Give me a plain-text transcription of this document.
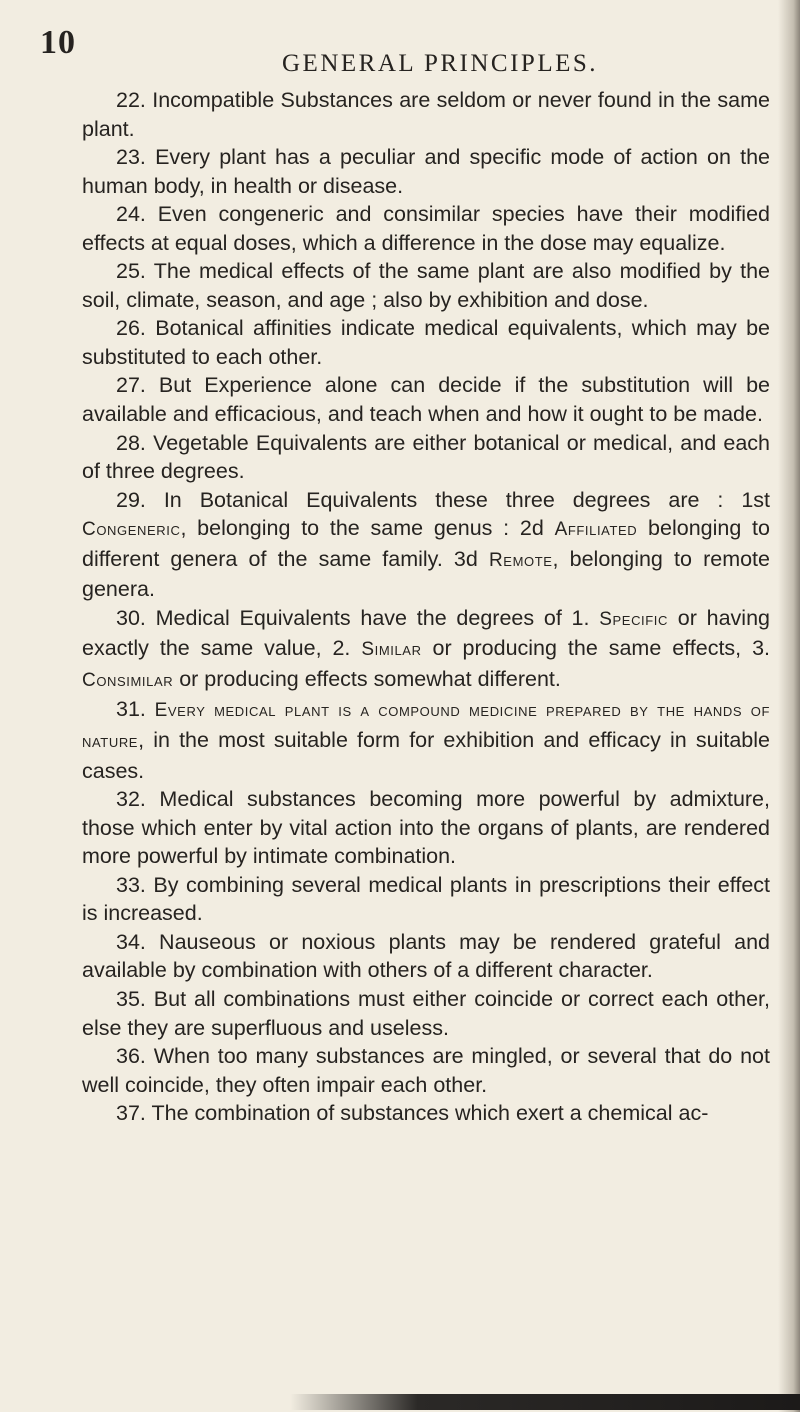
10
GENERAL PRINCIPLES.

22. Incompatible Substances are seldom or never found in the same plant.

23. Every plant has a peculiar and specific mode of action on the human body, in health or disease.

24. Even congeneric and consimilar species have their modified effects at equal doses, which a difference in the dose may equalize.

25. The medical effects of the same plant are also modified by the soil, climate, season, and age ; also by exhibition and dose.

26. Botanical affinities indicate medical equivalents, which may be substituted to each other.

27. But Experience alone can decide if the substitution will be available and efficacious, and teach when and how it ought to be made.

28. Vegetable Equivalents are either botanical or medical, and each of three degrees.

29. In Botanical Equivalents these three degrees are : 1st Congeneric, belonging to the same genus : 2d Affiliated belonging to different genera of the same family. 3d Remote, belonging to remote genera.

30. Medical Equivalents have the degrees of 1. Specific or having exactly the same value, 2. Similar or producing the same effects, 3. Consimilar or producing effects somewhat different.

31. Every medical plant is a compound medicine prepared by the hands of nature, in the most suitable form for exhibition and efficacy in suitable cases.

32. Medical substances becoming more powerful by admixture, those which enter by vital action into the organs of plants, are rendered more powerful by intimate combination.

33. By combining several medical plants in prescriptions their effect is increased.

34. Nauseous or noxious plants may be rendered grateful and available by combination with others of a different character.

35. But all combinations must either coincide or correct each other, else they are superfluous and useless.

36. When too many substances are mingled, or several that do not well coincide, they often impair each other.

37. The combination of substances which exert a chemical ac-
